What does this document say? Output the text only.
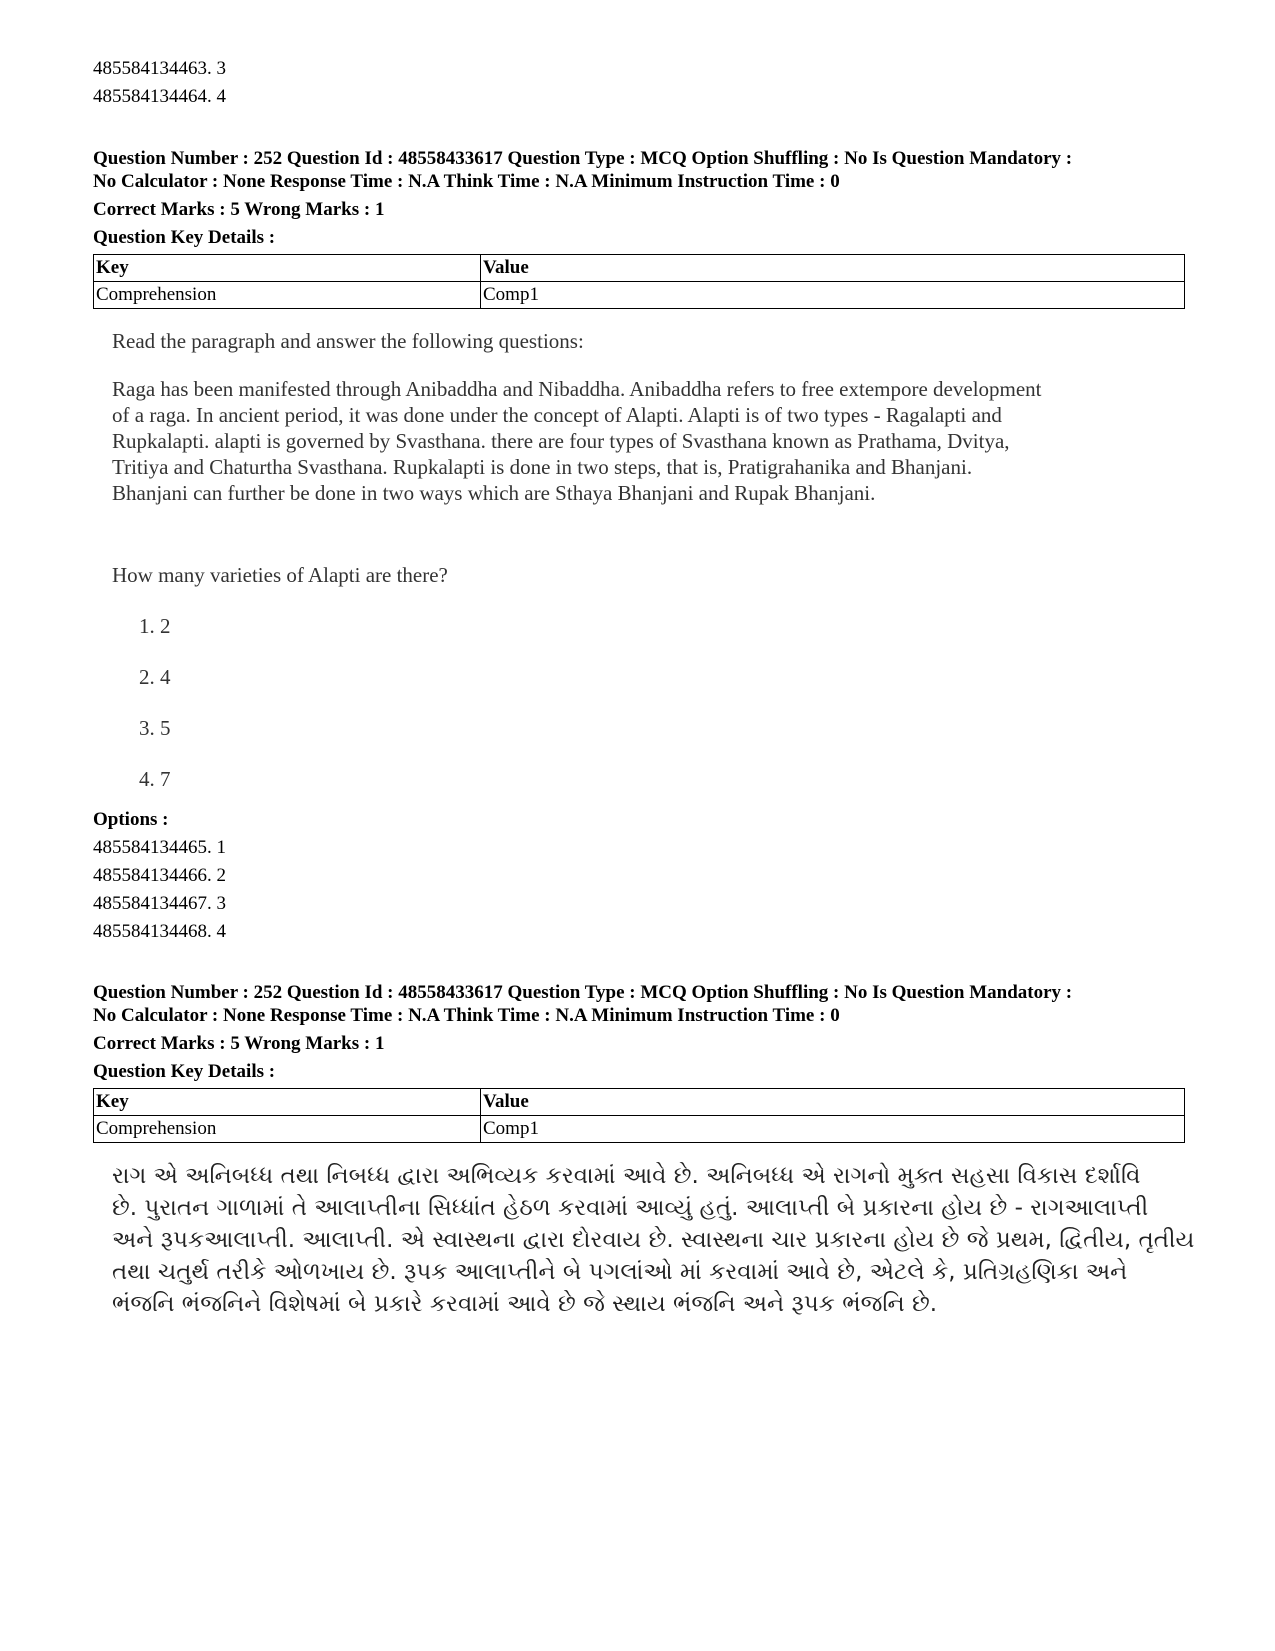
485584134463. 3
485584134464. 4
Question Number : 252 Question Id : 48558433617 Question Type : MCQ Option Shuffling : No Is Question Mandatory :
No Calculator : None Response Time : N.A Think Time : N.A Minimum Instruction Time : 0
Correct Marks : 5 Wrong Marks : 1
Question Key Details :
Key	Value
Comprehension	Comp1
Read the paragraph and answer the following questions:
Raga has been manifested through Anibaddha and Nibaddha. Anibaddha refers to free extempore development
of a raga. In ancient period, it was done under the concept of Alapti. Alapti is of two types - Ragalapti and
Rupkalapti. alapti is governed by Svasthana. there are four types of Svasthana known as Prathama, Dvitya,
Tritiya and Chaturtha Svasthana. Rupkalapti is done in two steps, that is, Pratigrahanika and Bhanjani.
Bhanjani can further be done in two ways which are Sthaya Bhanjani and Rupak Bhanjani.
How many varieties of Alapti are there?
1. 2
2. 4
3. 5
4. 7
Options :
485584134465. 1
485584134466. 2
485584134467. 3
485584134468. 4
Question Number : 252 Question Id : 48558433617 Question Type : MCQ Option Shuffling : No Is Question Mandatory :
No Calculator : None Response Time : N.A Think Time : N.A Minimum Instruction Time : 0
Correct Marks : 5 Wrong Marks : 1
Question Key Details :
Key	Value
Comprehension	Comp1
રાગ એ અનિબધ્ધ તથા નિબધ્ધ દ્વારા અભિવ્યક કરવામાં આવે છે. અનિબધ્ધ એ રાગનો મુક્ત સહસા વિકાસ દર્શાવિ
છે. પુરાતન ગાળામાં તે આલાપ્તીના સિધ્ધાંત હેઠળ કરવામાં આવ્યું હતું. આલાપ્તી બે પ્રકારના હોય છે - રાગઆલાપ્તી
અને રૂપકઆલાપ્તી. આલાપ્તી. એ સ્વાસ્થના દ્વારા દોરવાય છે. સ્વાસ્થના ચાર પ્રકારના હોય છે જે પ્રથમ, દ્વિતીય, તૃતીય
તથા ચતુર્થ તરીકે ઓળખાય છે. રૂપક આલાપ્તીને બે પગલાંઓ માં કરવામાં આવે છે, એટલે કે, પ્રતિગ્રહણિકા અને
ભંજનિ ભંજનિને વિશેષમાં બે પ્રકારે કરવામાં આવે છે જે સ્થાય ભંજનિ અને રૂપક ભંજનિ છે.
